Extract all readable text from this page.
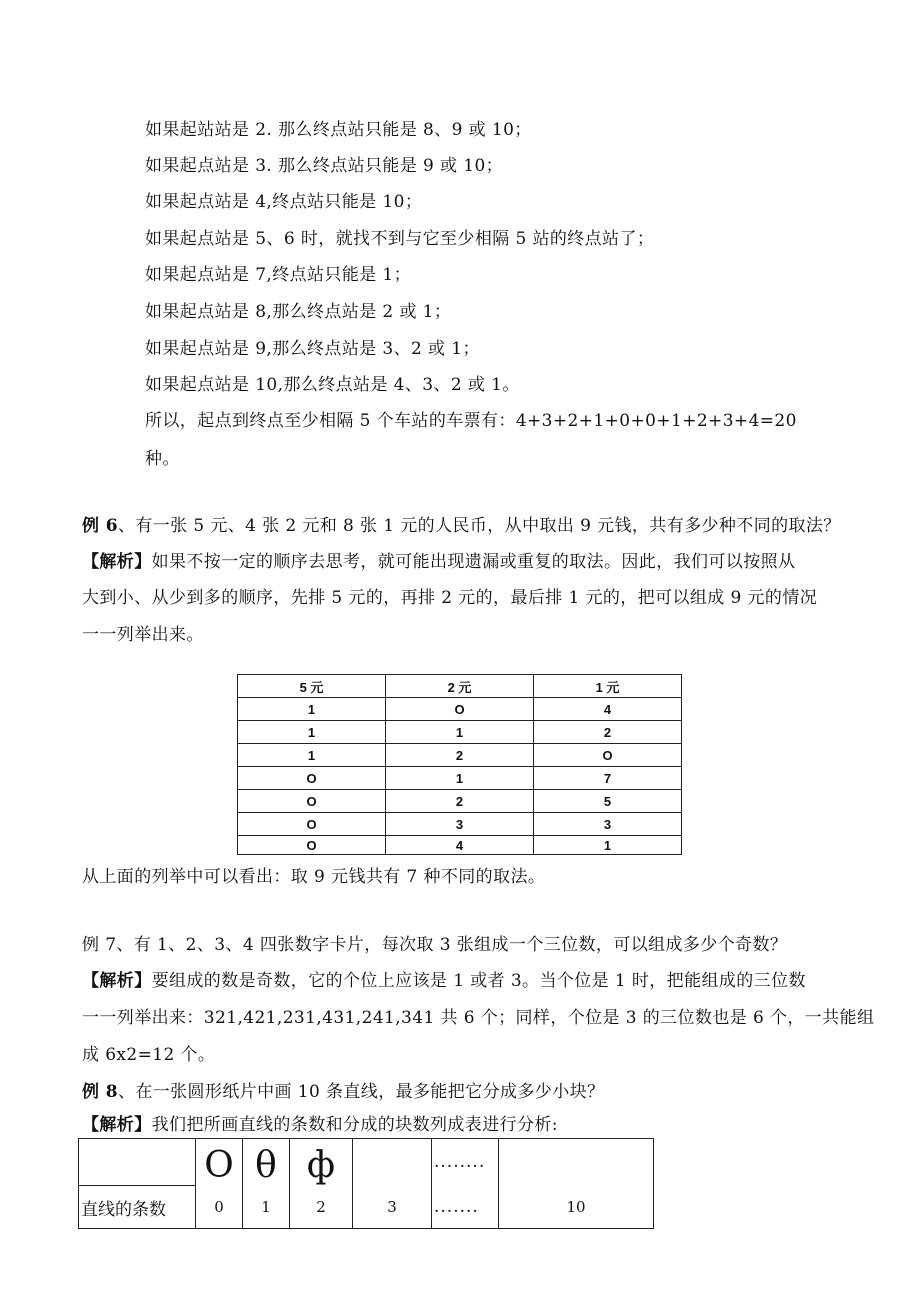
如果起站站是 2. 那么终点站只能是 8、9 或 10；
如果起点站是 3. 那么终点站只能是 9 或 10；
如果起点站是 4,终点站只能是 10；
如果起点站是 5、6 时，就找不到与它至少相隔 5 站的终点站了；
如果起点站是 7,终点站只能是 1；
如果起点站是 8,那么终点站是 2 或 1；
如果起点站是 9,那么终点站是 3、2 或 1；
如果起点站是 10,那么终点站是 4、3、2 或 1。
所以，起点到终点至少相隔 5 个车站的车票有：4+3+2+1+0+0+1+2+3+4=20
种。
例 6、有一张 5 元、4 张 2 元和 8 张 1 元的人民币，从中取出 9 元钱，共有多少种不同的取法？
【解析】如果不按一定的顺序去思考，就可能出现遗漏或重复的取法。因此，我们可以按照从
大到小、从少到多的顺序，先排 5 元的，再排 2 元的，最后排 1 元的，把可以组成 9 元的情况
一一列举出来。
5 元	2 元	1 元
1	O	4
1	1	2
1	2	O
O	1	7
O	2	5
O	3	3
O	4	1
从上面的列举中可以看出：取 9 元钱共有 7 种不同的取法。
例 7、有 1、2、3、4 四张数字卡片，每次取 3 张组成一个三位数，可以组成多少个奇数？
【解析】要组成的数是奇数，它的个位上应该是 1 或者 3。当个位是 1 时，把能组成的三位数
一一列举出来：321,421,231,431,241,341 共 6 个；同样，个位是 3 的三位数也是 6 个，一共能组
成 6x2=12 个。
例 8、在一张圆形纸片中画 10 条直线，最多能把它分成多少小块？
【解析】我们把所画直线的条数和分成的块数列成表进行分析:
	O	θ	ф		........	
直线的条数	0	1	2	3	.......	10
